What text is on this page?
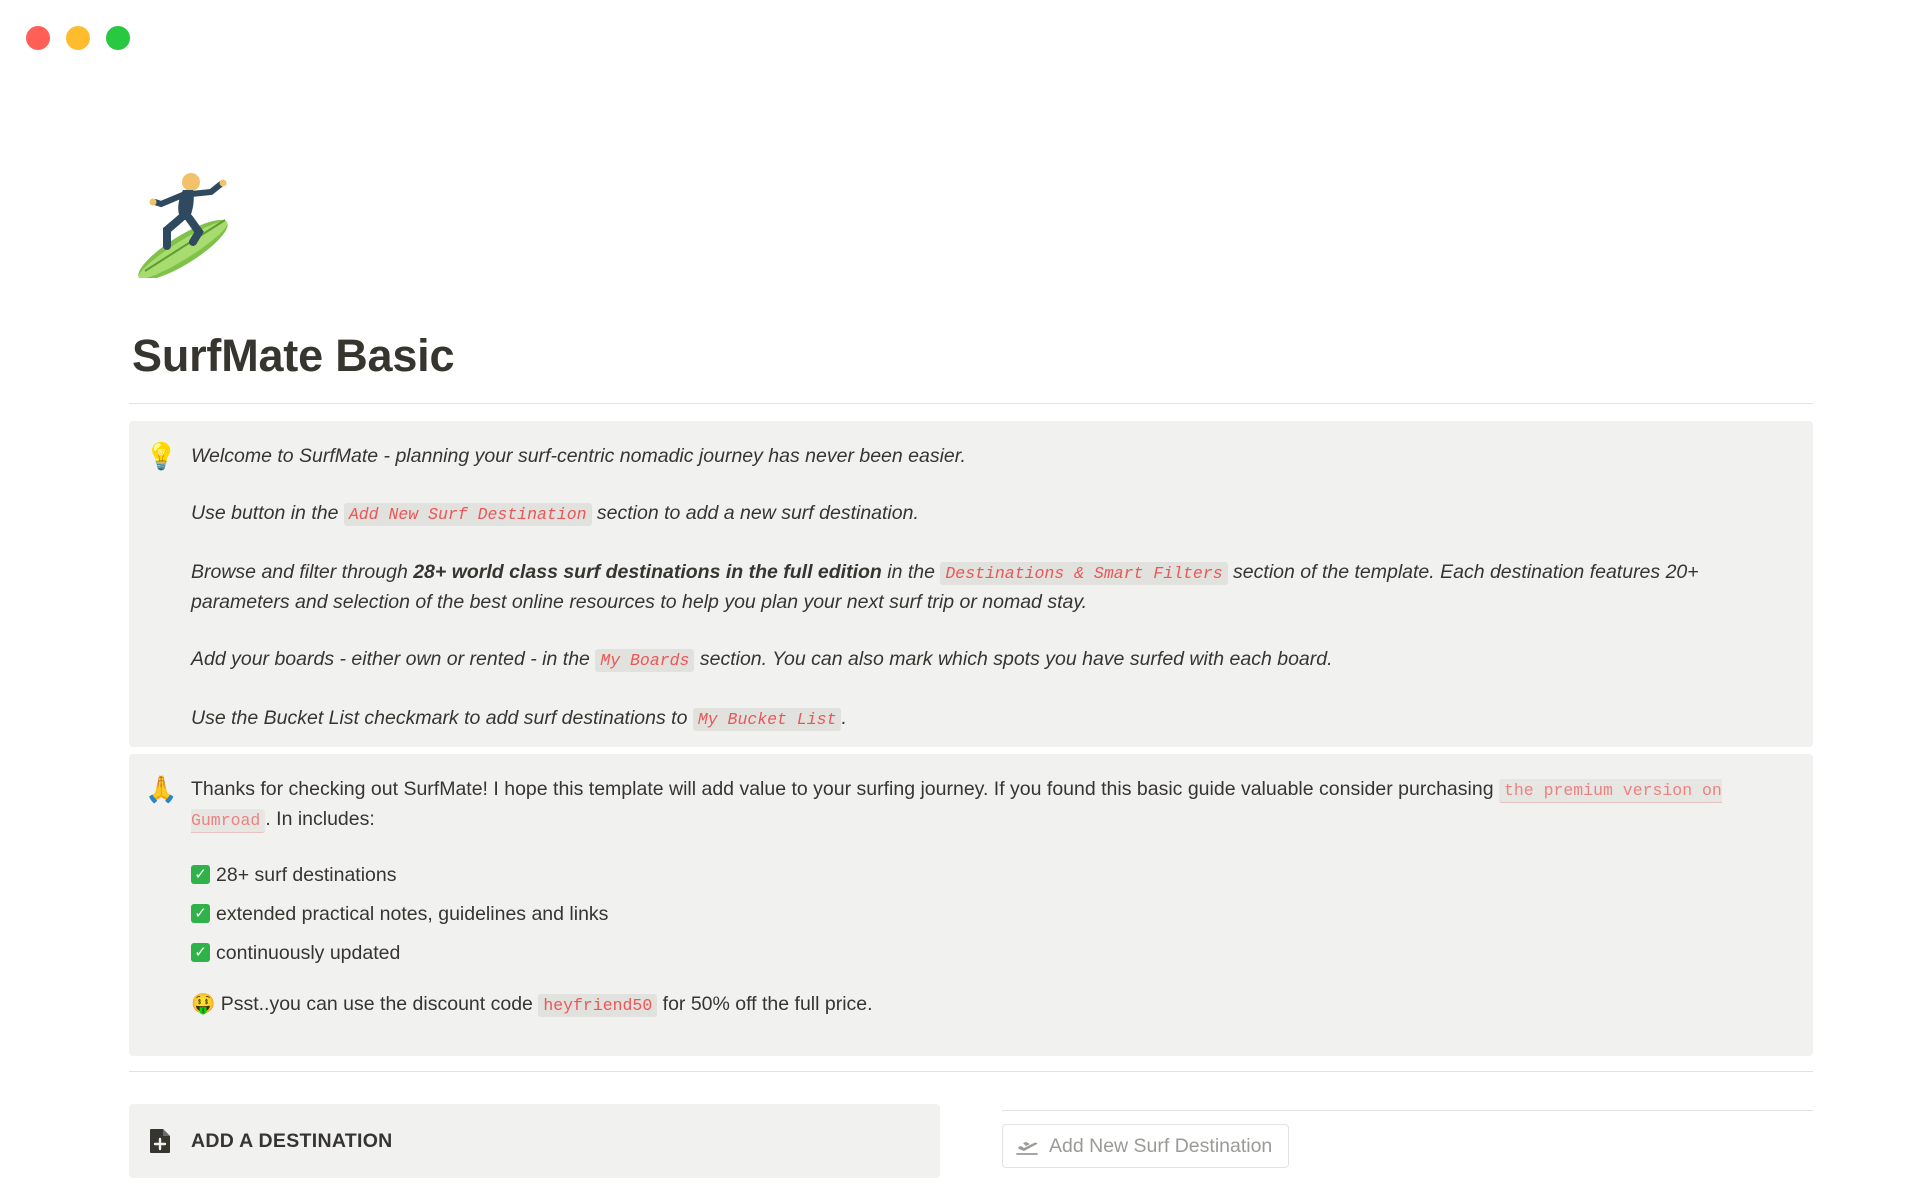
SurfMate Basic
💡 Welcome to SurfMate - planning your surf-centric nomadic journey has never been easier.

Use button in the Add New Surf Destination section to add a new surf destination.

Browse and filter through 28+ world class surf destinations in the full edition in the Destinations & Smart Filters section of the template. Each destination features 20+ parameters and selection of the best online resources to help you plan your next surf trip or nomad stay.

Add your boards - either own or rented - in the My Boards section. You can also mark which spots you have surfed with each board.

Use the Bucket List checkmark to add surf destinations to My Bucket List .

🙏 Thanks for checking out SurfMate! I hope this template will add value to your surfing journey. If you found this basic guide valuable consider purchasing the premium version on Gumroad . In includes:

✓ 28+ surf destinations
✓ extended practical notes, guidelines and links
✓ continuously updated

🤑 Psst..you can use the discount code heyfriend50 for 50% off the full price.

ADD A DESTINATION	Add New Surf Destination
